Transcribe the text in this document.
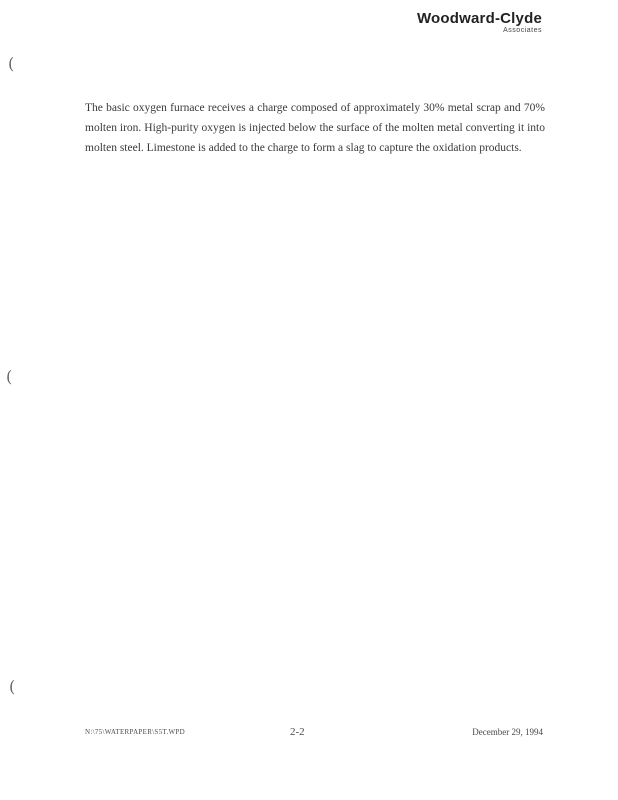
Woodward-Clyde
Associates
(
(
(

The basic oxygen furnace receives a charge composed of approximately 30% metal scrap and 70% molten iron. High-purity oxygen is injected below the surface of the molten metal converting it into molten steel. Limestone is added to the charge to form a slag to capture the oxidation products.

N:\75\WATERPAPER\S5T.WPD	2-2	December 29, 1994
